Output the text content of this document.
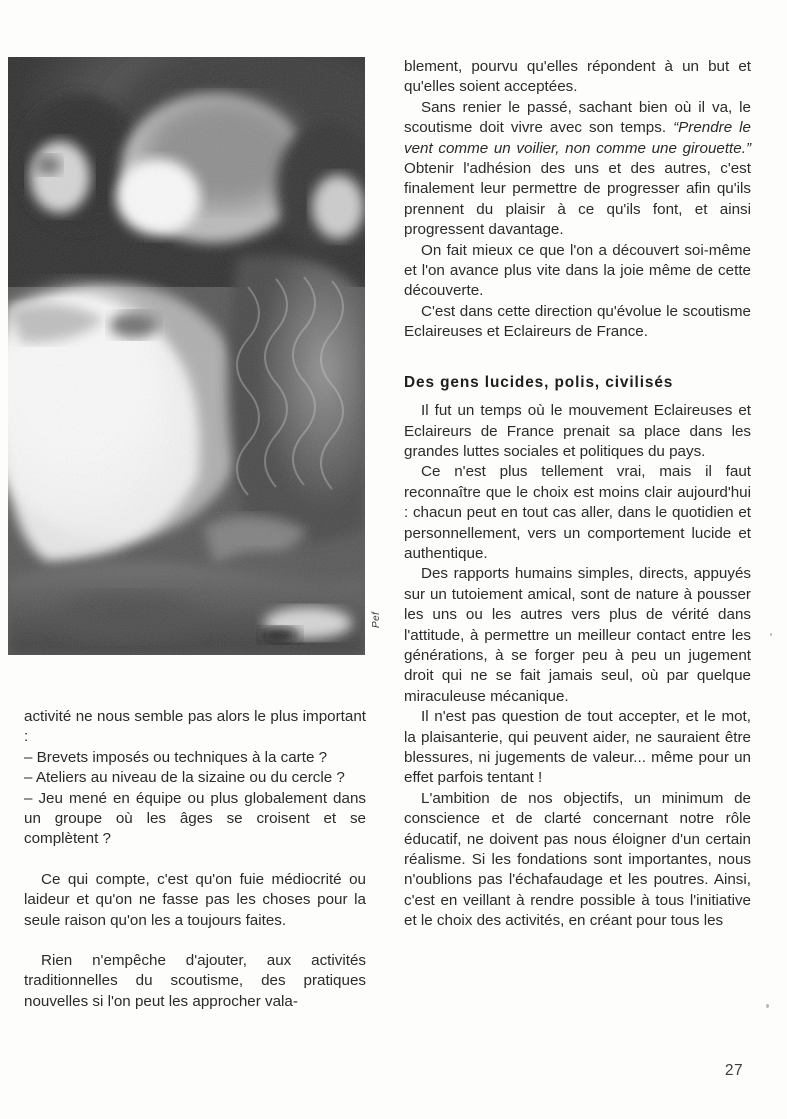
Pef

activité ne nous semble pas alors le plus important :

– Brevets imposés ou techniques à la carte ?

– Ateliers au niveau de la sizaine ou du cercle ?

– Jeu mené en équipe ou plus globalement dans un groupe où les âges se croisent et se complètent ?

Ce qui compte, c'est qu'on fuie médiocrité ou laideur et qu'on ne fasse pas les choses pour la seule raison qu'on les a toujours faites.

Rien n'empêche d'ajouter, aux activités traditionnelles du scoutisme, des pratiques nouvelles si l'on peut les approcher vala-

blement, pourvu qu'elles répondent à un but et qu'elles soient acceptées.

Sans renier le passé, sachant bien où il va, le scoutisme doit vivre avec son temps. “Prendre le vent comme un voilier, non comme une girouette.” Obtenir l'adhésion des uns et des autres, c'est finalement leur permettre de progresser afin qu'ils prennent du plaisir à ce qu'ils font, et ainsi progressent davantage.

On fait mieux ce que l'on a découvert soi-même et l'on avance plus vite dans la joie même de cette découverte.

C'est dans cette direction qu'évolue le scoutisme Eclaireuses et Eclaireurs de France.

Des gens lucides, polis, civilisés

Il fut un temps où le mouvement Eclaireuses et Eclaireurs de France prenait sa place dans les grandes luttes sociales et politiques du pays.

Ce n'est plus tellement vrai, mais il faut reconnaître que le choix est moins clair aujourd'hui : chacun peut en tout cas aller, dans le quotidien et personnellement, vers un comportement lucide et authentique.

Des rapports humains simples, directs, appuyés sur un tutoiement amical, sont de nature à pousser les uns ou les autres vers plus de vérité dans l'attitude, à permettre un meilleur contact entre les générations, à se forger peu à peu un jugement droit qui ne se fait jamais seul, où par quelque miraculeuse mécanique.

Il n'est pas question de tout accepter, et le mot, la plaisanterie, qui peuvent aider, ne sauraient être blessures, ni jugements de valeur... même pour un effet parfois tentant !

L'ambition de nos objectifs, un minimum de conscience et de clarté concernant notre rôle éducatif, ne doivent pas nous éloigner d'un certain réalisme. Si les fondations sont importantes, nous n'oublions pas l'échafaudage et les poutres. Ainsi, c'est en veillant à rendre possible à tous l'initiative et le choix des activités, en créant pour tous les

27
